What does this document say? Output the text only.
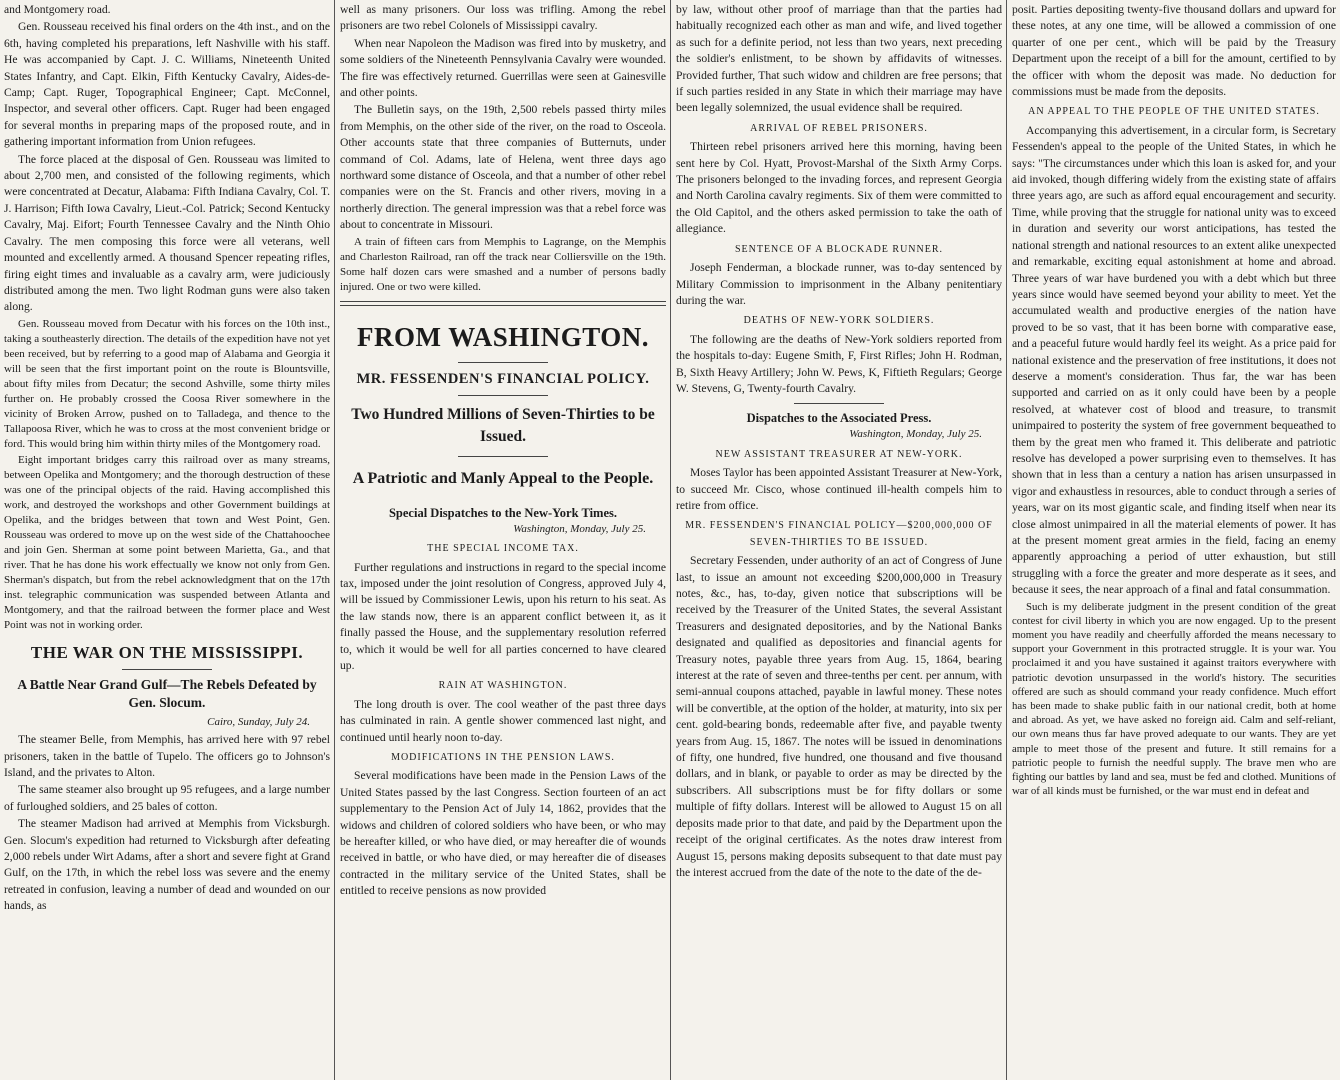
and Montgomery road.

Gen. Rousseau received his final orders on the 4th inst., and on the 6th, having completed his preparations, left Nashville with his staff. He was accompanied by Capt. J. C. Williams, Nineteenth United States Infantry, and Capt. Elkin, Fifth Kentucky Cavalry, Aides-de-Camp; Capt. Ruger, Topographical Engineer; Capt. McConnel, Inspector, and several other officers. Capt. Ruger had been engaged for several months in preparing maps of the proposed route, and in gathering important information from Union refugees.

The force placed at the disposal of Gen. Rousseau was limited to about 2,700 men, and consisted of the following regiments, which were concentrated at Decatur, Alabama: Fifth Indiana Cavalry, Col. T. J. Harrison; Fifth Iowa Cavalry, Lieut.-Col. Patrick; Second Kentucky Cavalry, Maj. Eifort; Fourth Tennessee Cavalry and the Ninth Ohio Cavalry. The men composing this force were all veterans, well mounted and excellently armed. A thousand Spencer repeating rifles, firing eight times and invaluable as a cavalry arm, were judiciously distributed among the men. Two light Rodman guns were also taken along.

Gen. Rousseau moved from Decatur with his forces on the 10th inst., taking a southeasterly direction. The details of the expedition have not yet been received, but by referring to a good map of Alabama and Georgia it will be seen that the first important point on the route is Blountsville, about fifty miles from Decatur; the second Ashville, some thirty miles further on. He probably crossed the Coosa River somewhere in the vicinity of Broken Arrow, pushed on to Talladega, and thence to the Tallapoosa River, which he was to cross at the most convenient bridge or ford. This would bring him within thirty miles of the Montgomery road.

Eight important bridges carry this railroad over as many streams, between Opelika and Montgomery; and the thorough destruction of these was one of the principal objects of the raid. Having accomplished this work, and destroyed the workshops and other Government buildings at Opelika, and the bridges between that town and West Point, Gen. Rousseau was ordered to move up on the west side of the Chattahoochee and join Gen. Sherman at some point between Marietta, Ga., and that river. That he has done his work effectually we know not only from Gen. Sherman's dispatch, but from the rebel acknowledgment that on the 17th inst. telegraphic communication was suspended between Atlanta and Montgomery, and that the railroad between the former place and West Point was not in working order.

THE WAR ON THE MISSISSIPPI.
A Battle Near Grand Gulf—The Rebels Defeated by Gen. Slocum.
Cairo, Sunday, July 24.

The steamer Belle, from Memphis, has arrived here with 97 rebel prisoners, taken in the battle of Tupelo. The officers go to Johnson's Island, and the privates to Alton.

The same steamer also brought up 95 refugees, and a large number of furloughed soldiers, and 25 bales of cotton.

The steamer Madison had arrived at Memphis from Vicksburgh. Gen. Slocum's expedition had returned to Vicksburgh after defeating 2,000 rebels under Wirt Adams, after a short and severe fight at Grand Gulf, on the 17th, in which the rebel loss was severe and the enemy retreated in confusion, leaving a number of dead and wounded on our hands, as

well as many prisoners. Our loss was trifling. Among the rebel prisoners are two rebel Colonels of Mississippi cavalry.

When near Napoleon the Madison was fired into by musketry, and some soldiers of the Nineteenth Pennsylvania Cavalry were wounded. The fire was effectively returned. Guerrillas were seen at Gainesville and other points.

The Bulletin says, on the 19th, 2,500 rebels passed thirty miles from Memphis, on the other side of the river, on the road to Osceola. Other accounts state that three companies of Butternuts, under command of Col. Adams, late of Helena, went three days ago northward some distance of Osceola, and that a number of other rebel companies were on the St. Francis and other rivers, moving in a northerly direction. The general impression was that a rebel force was about to concentrate in Missouri.

A train of fifteen cars from Memphis to Lagrange, on the Memphis and Charleston Railroad, ran off the track near Colliersville on the 19th. Some half dozen cars were smashed and a number of persons badly injured. One or two were killed.

FROM WASHINGTON.
MR. FESSENDEN'S FINANCIAL POLICY.
Two Hundred Millions of Seven-Thirties to be Issued.
A Patriotic and Manly Appeal to the People.
Special Dispatches to the New-York Times.
Washington, Monday, July 25.
THE SPECIAL INCOME TAX.

Further regulations and instructions in regard to the special income tax, imposed under the joint resolution of Congress, approved July 4, will be issued by Commissioner Lewis, upon his return to his seat. As the law stands now, there is an apparent conflict between it, as it finally passed the House, and the supplementary resolution referred to, which it would be well for all parties concerned to have cleared up.

RAIN AT WASHINGTON.

The long drouth is over. The cool weather of the past three days has culminated in rain. A gentle shower commenced last night, and continued until hearly noon to-day.

MODIFICATIONS IN THE PENSION LAWS.

Several modifications have been made in the Pension Laws of the United States passed by the last Congress. Section fourteen of an act supplementary to the Pension Act of July 14, 1862, provides that the widows and children of colored soldiers who have been, or who may be hereafter killed, or who have died, or may hereafter die of wounds received in battle, or who have died, or may hereafter die of diseases contracted in the military service of the United States, shall be entitled to receive pensions as now provided

by law, without other proof of marriage than that the parties had habitually recognized each other as man and wife, and lived together as such for a definite period, not less than two years, next preceding the soldier's enlistment, to be shown by affidavits of witnesses. Provided further, That such widow and children are free persons; that if such parties resided in any State in which their marriage may have been legally solemnized, the usual evidence shall be required.

ARRIVAL OF REBEL PRISONERS.

Thirteen rebel prisoners arrived here this morning, having been sent here by Col. Hyatt, Provost-Marshal of the Sixth Army Corps. The prisoners belonged to the invading forces, and represent Georgia and North Carolina cavalry regiments. Six of them were committed to the Old Capitol, and the others asked permission to take the oath of allegiance.

SENTENCE OF A BLOCKADE RUNNER.

Joseph Fenderman, a blockade runner, was to-day sentenced by Military Commission to imprisonment in the Albany penitentiary during the war.

DEATHS OF NEW-YORK SOLDIERS.

The following are the deaths of New-York soldiers reported from the hospitals to-day: Eugene Smith, F, First Rifles; John H. Rodman, B, Sixth Heavy Artillery; John W. Pews, K, Fiftieth Regulars; George W. Stevens, G, Twenty-fourth Cavalry.

Dispatches to the Associated Press.
Washington, Monday, July 25.
NEW ASSISTANT TREASURER AT NEW-YORK.

Moses Taylor has been appointed Assistant Treasurer at New-York, to succeed Mr. Cisco, whose continued ill-health compels him to retire from office.

MR. FESSENDEN'S FINANCIAL POLICY—$200,000,000 OF SEVEN-THIRTIES TO BE ISSUED.

Secretary Fessenden, under authority of an act of Congress of June last, to issue an amount not exceeding $200,000,000 in Treasury notes, &c., has, to-day, given notice that subscriptions will be received by the Treasurer of the United States, the several Assistant Treasurers and designated depositories, and by the National Banks designated and qualified as depositories and financial agents for Treasury notes, payable three years from Aug. 15, 1864, bearing interest at the rate of seven and three-tenths per cent. per annum, with semi-annual coupons attached, payable in lawful money. These notes will be convertible, at the option of the holder, at maturity, into six per cent. gold-bearing bonds, redeemable after five, and payable twenty years from Aug. 15, 1867. The notes will be issued in denominations of fifty, one hundred, five hundred, one thousand and five thousand dollars, and in blank, or payable to order as may be directed by the subscribers. All subscriptions must be for fifty dollars or some multiple of fifty dollars. Interest will be allowed to August 15 on all deposits made prior to that date, and paid by the Department upon the receipt of the original certificates. As the notes draw interest from August 15, persons making deposits subsequent to that date must pay the interest accrued from the date of the note to the date of the de-

posit. Parties depositing twenty-five thousand dollars and upward for these notes, at any one time, will be allowed a commission of one quarter of one per cent., which will be paid by the Treasury Department upon the receipt of a bill for the amount, certified to by the officer with whom the deposit was made. No deduction for commissions must be made from the deposits.

AN APPEAL TO THE PEOPLE OF THE UNITED STATES.

Accompanying this advertisement, in a circular form, is Secretary Fessenden's appeal to the people of the United States, in which he says: "The circumstances under which this loan is asked for, and your aid invoked, though differing widely from the existing state of affairs three years ago, are such as afford equal encouragement and security. Time, while proving that the struggle for national unity was to exceed in duration and severity our worst anticipations, has tested the national strength and national resources to an extent alike unexpected and remarkable, exciting equal astonishment at home and abroad. Three years of war have burdened you with a debt which but three years since would have seemed beyond your ability to meet. Yet the accumulated wealth and productive energies of the nation have proved to be so vast, that it has been borne with comparative ease, and a peaceful future would hardly feel its weight. As a price paid for national existence and the preservation of free institutions, it does not deserve a moment's consideration. Thus far, the war has been supported and carried on as it only could have been by a people resolved, at whatever cost of blood and treasure, to transmit unimpaired to posterity the system of free government bequeathed to them by the great men who framed it. This deliberate and patriotic resolve has developed a power surprising even to themselves. It has shown that in less than a century a nation has arisen unsurpassed in vigor and exhaustless in resources, able to conduct through a series of years, war on its most gigantic scale, and finding itself when near its close almost unimpaired in all the material elements of power. It has at the present moment great armies in the field, facing an enemy apparently approaching a period of utter exhaustion, but still struggling with a force the greater and more desperate as it sees, and because it sees, the near approach of a final and fatal consummation.

Such is my deliberate judgment in the present condition of the great contest for civil liberty in which you are now engaged. Up to the present moment you have readily and cheerfully afforded the means necessary to support your Government in this protracted struggle. It is your war. You proclaimed it and you have sustained it against traitors everywhere with patriotic devotion unsurpassed in the world's history. The securities offered are such as should command your ready confidence. Much effort has been made to shake public faith in our national credit, both at home and abroad. As yet, we have asked no foreign aid. Calm and self-reliant, our own means thus far have proved adequate to our wants. They are yet ample to meet those of the present and future. It still remains for a patriotic people to furnish the needful supply. The brave men who are fighting our battles by land and sea, must be fed and clothed. Munitions of war of all kinds must be furnished, or the war must end in defeat and
